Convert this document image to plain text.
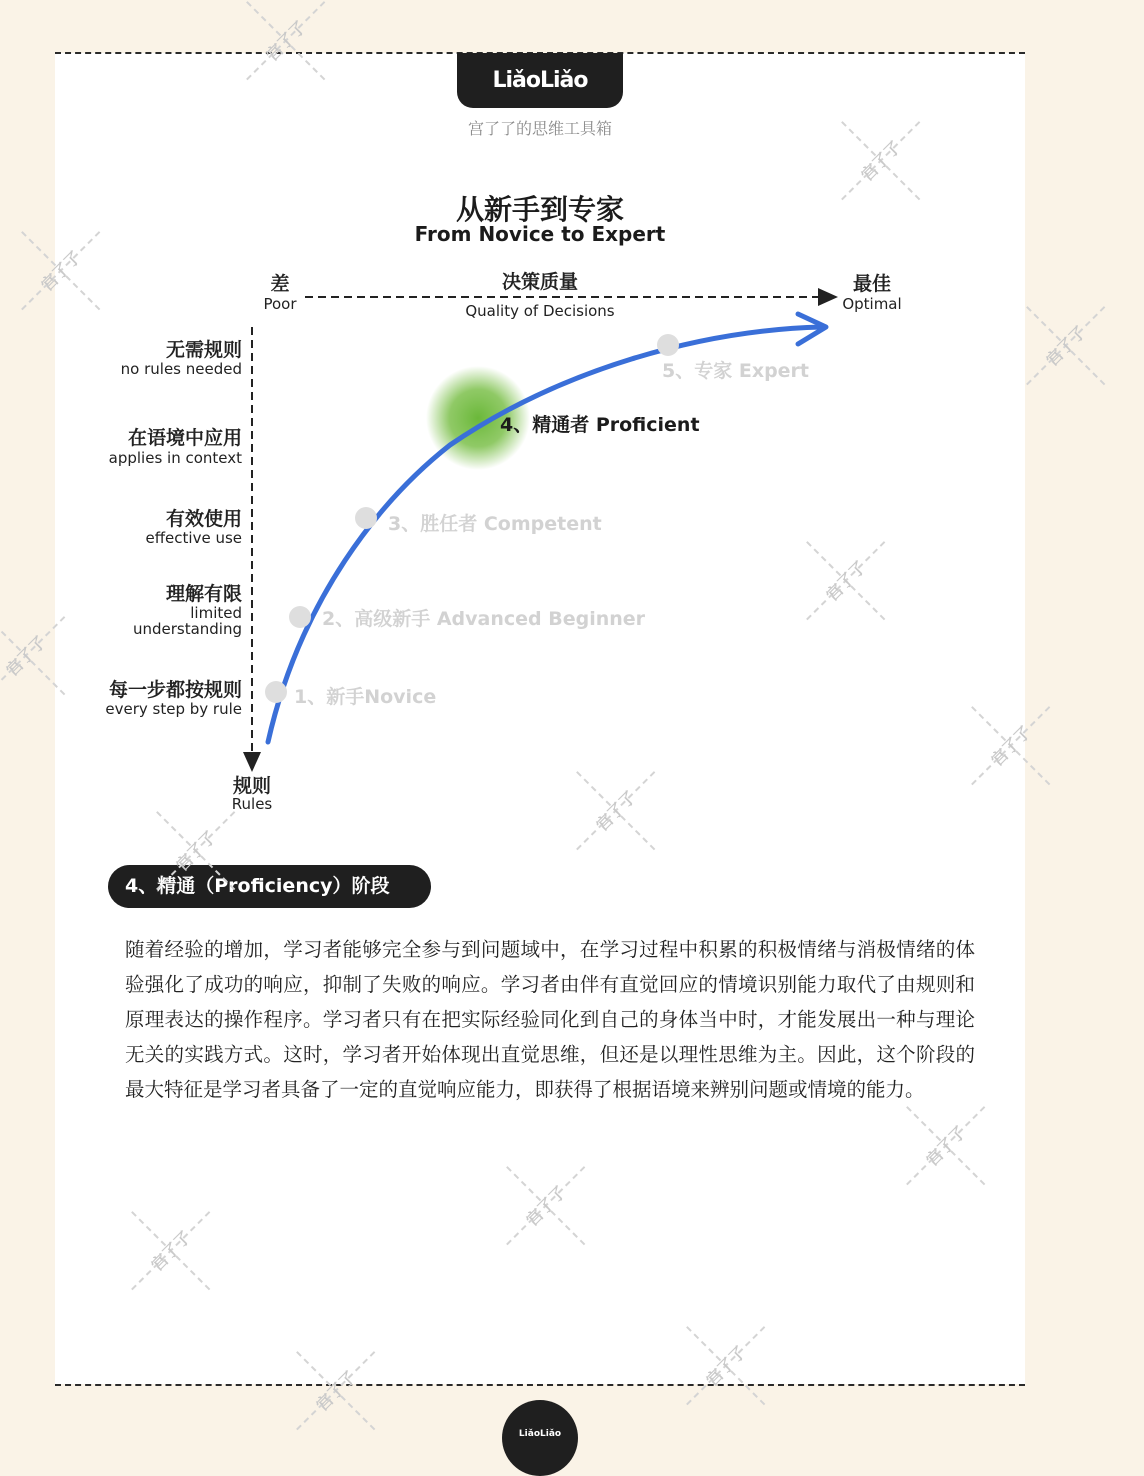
LiǎoLiǎo
宫了了的思维工具箱
从新手到专家
From Novice to Expert
差
Poor
决策质量
Quality of Decisions
最佳
Optimal
规则
Rules
无需规则
no rules needed
在语境中应用
applies in context
有效使用
effective use
理解有限
limited
understanding
每一步都按规则
every step by rule
1、新手Novice
2、高级新手 Advanced Beginner
3、胜任者 Competent
4、精通者 Proficient
5、专家 Expert
4、精通（Proficiency）阶段
随着经验的增加，学习者能够完全参与到问题域中，在学习过程中积累的积极情绪与消极情绪的体验强化了成功的响应，抑制了失败的响应。学习者由伴有直觉回应的情境识别能力取代了由规则和原理表达的操作程序。学习者只有在把实际经验同化到自己的身体当中时，才能发展出一种与理论无关的实践方式。这时，学习者开始体现出直觉思维，但还是以理性思维为主。因此，这个阶段的最大特征是学习者具备了一定的直觉响应能力，即获得了根据语境来辨别问题或情境的能力。
宫了了
宫了了
宫了了
宫了了
宫了了
宫了了
宫了了
宫了了
宫了了
宫了了
宫了了
宫了了
宫了了
宫了了
LiǎoLiǎo
